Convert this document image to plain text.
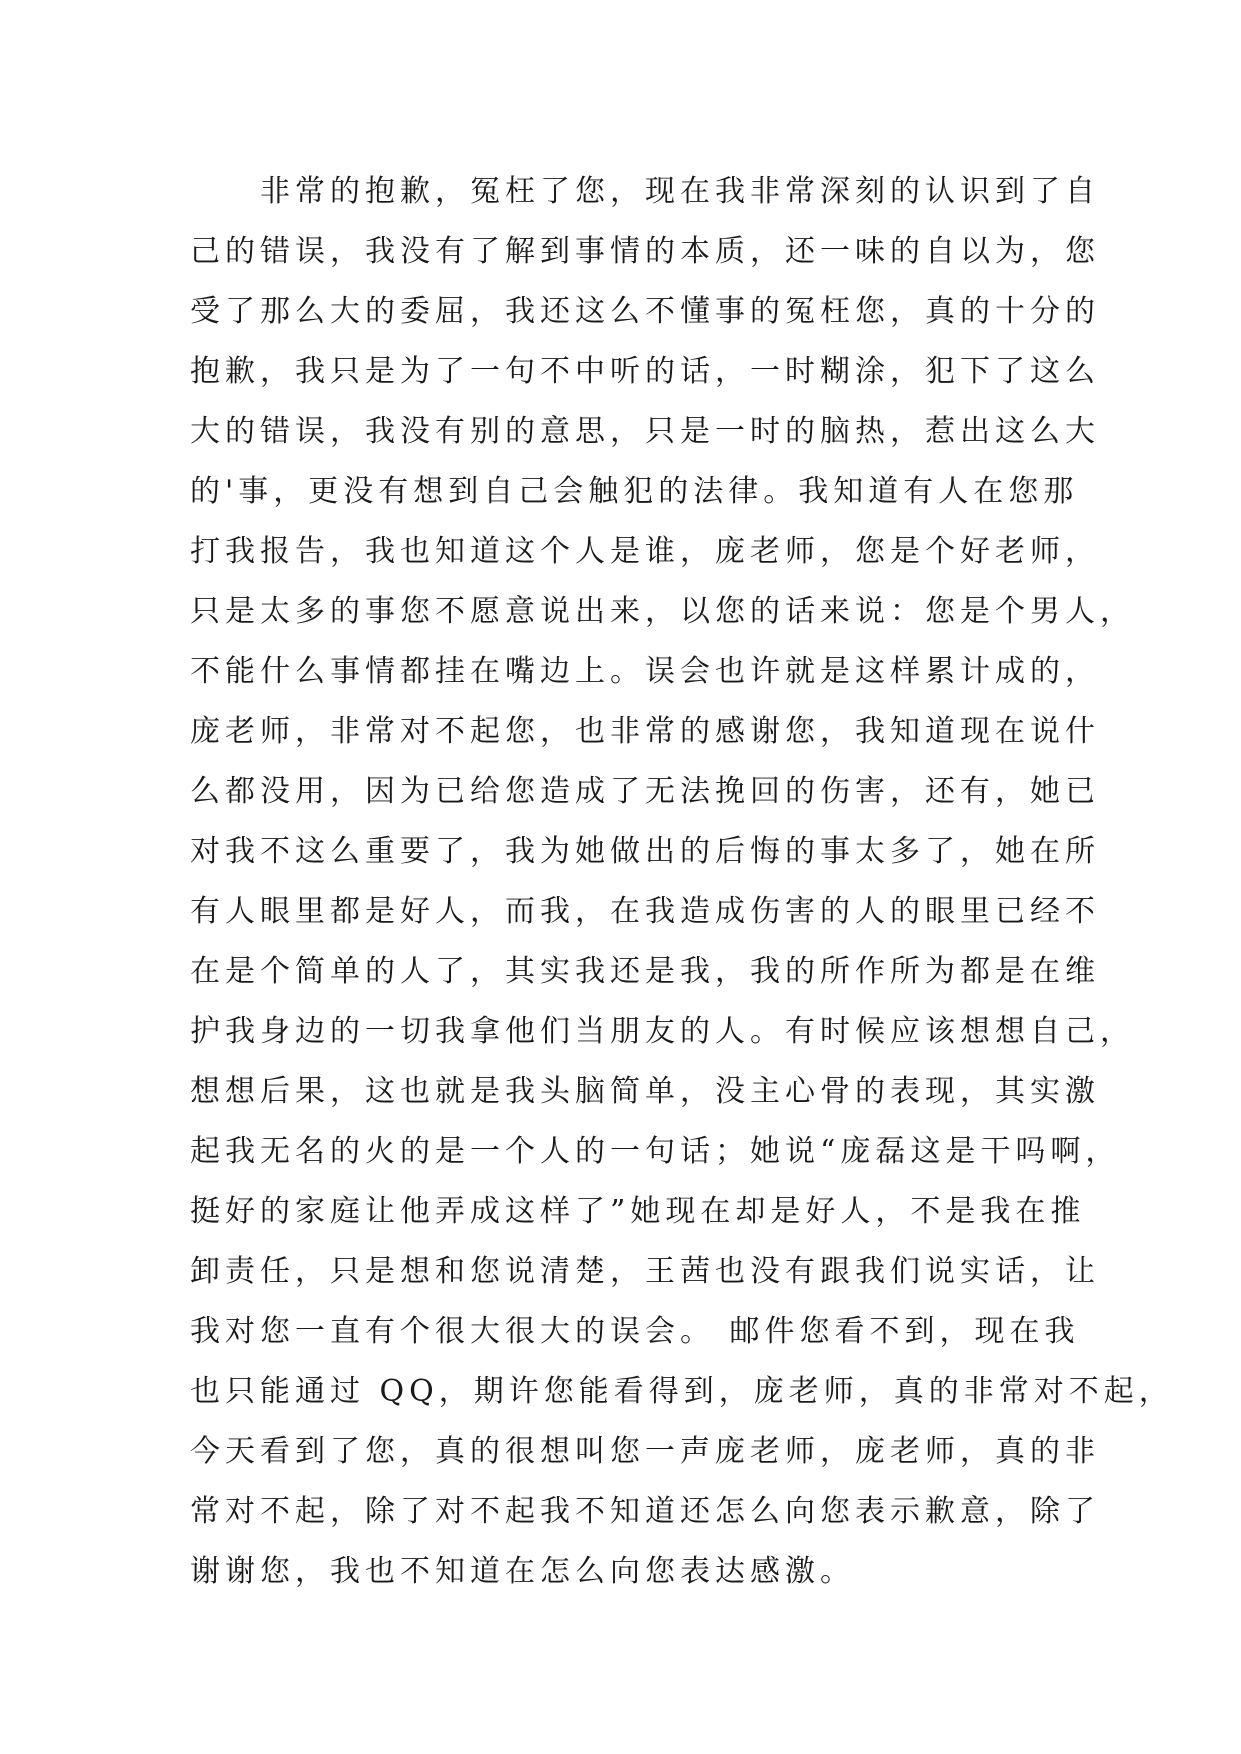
　　非常的抱歉，冤枉了您，现在我非常深刻的认识到了自
己的错误，我没有了解到事情的本质，还一味的自以为，您
受了那么大的委屈，我还这么不懂事的冤枉您，真的十分的
抱歉，我只是为了一句不中听的话，一时糊涂，犯下了这么
大的错误，我没有别的意思，只是一时的脑热，惹出这么大
的'事，更没有想到自己会触犯的法律。我知道有人在您那
打我报告，我也知道这个人是谁，庞老师，您是个好老师，
只是太多的事您不愿意说出来，以您的话来说：您是个男人，
不能什么事情都挂在嘴边上。误会也许就是这样累计成的，
庞老师，非常对不起您，也非常的感谢您，我知道现在说什
么都没用，因为已给您造成了无法挽回的伤害，还有，她已
对我不这么重要了，我为她做出的后悔的事太多了，她在所
有人眼里都是好人，而我，在我造成伤害的人的眼里已经不
在是个简单的人了，其实我还是我，我的所作所为都是在维
护我身边的一切我拿他们当朋友的人。有时候应该想想自己，
想想后果，这也就是我头脑简单，没主心骨的表现，其实激
起我无名的火的是一个人的一句话；她说“庞磊这是干吗啊，
挺好的家庭让他弄成这样了”她现在却是好人，不是我在推
卸责任，只是想和您说清楚，王茜也没有跟我们说实话，让
我对您一直有个很大很大的误会。 邮件您看不到，现在我
也只能通过 QQ，期许您能看得到，庞老师，真的非常对不起，
今天看到了您，真的很想叫您一声庞老师，庞老师，真的非
常对不起，除了对不起我不知道还怎么向您表示歉意，除了
谢谢您，我也不知道在怎么向您表达感激。
